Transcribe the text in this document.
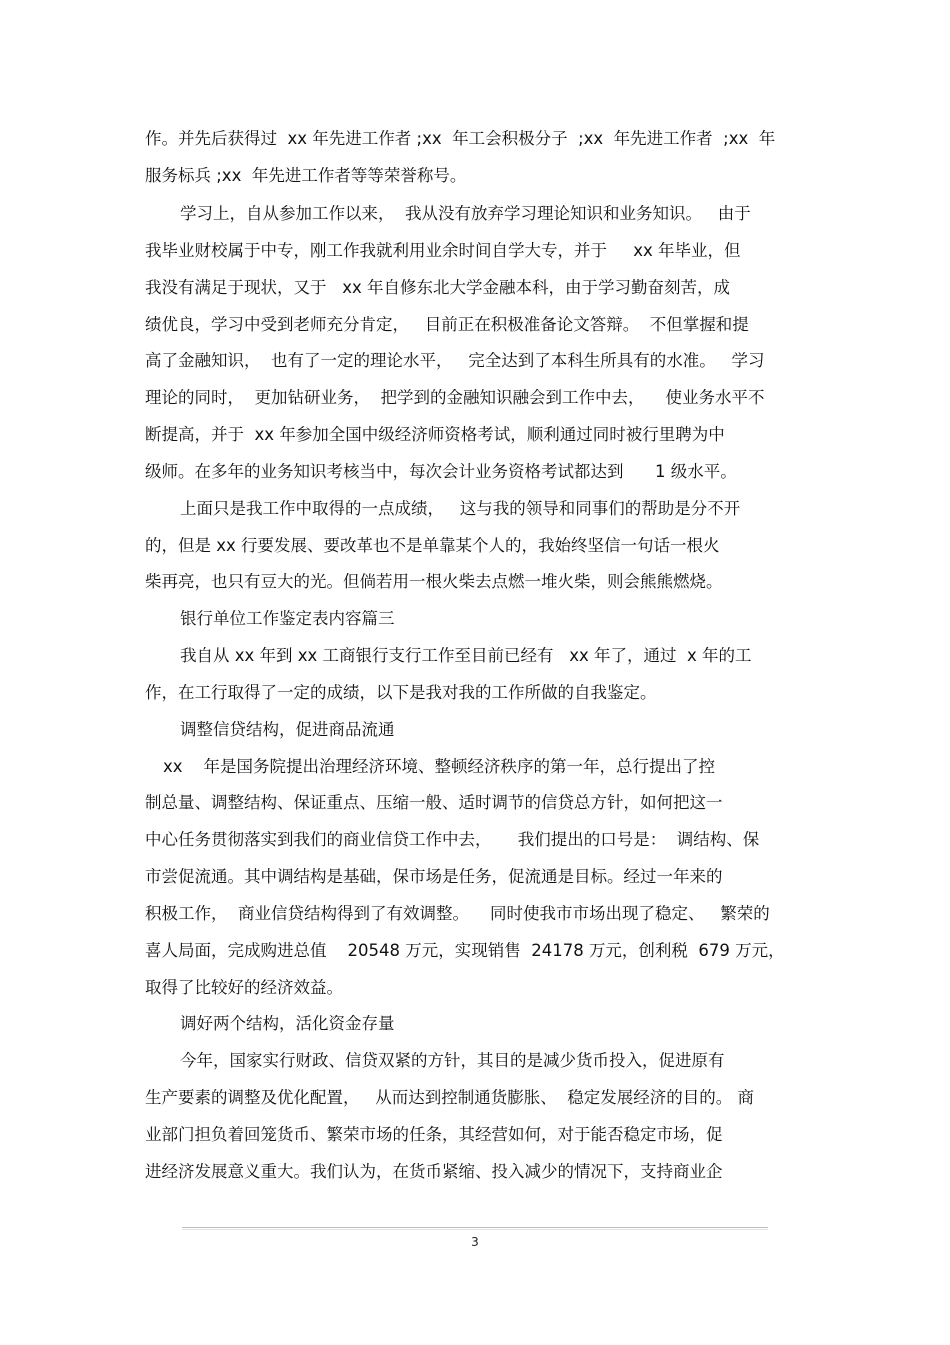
作。并先后获得过  xx 年先进工作者 ;xx  年工会积极分子  ;xx  年先进工作者  ;xx  年

服务标兵 ;xx  年先进工作者等等荣誉称号。

学习上，自从参加工作以来，  我从没有放弃学习理论知识和业务知识。   由于

我毕业财校属于中专，刚工作我就利用业余时间自学大专，并于     xx 年毕业，但

我没有满足于现状，又于   xx 年自修东北大学金融本科，由于学习勤奋刻苦，成

绩优良，学习中受到老师充分肯定，   目前正在积极准备论文答辩。  不但掌握和提

高了金融知识，  也有了一定的理论水平，   完全达到了本科生所具有的水准。   学习

理论的同时，  更加钻研业务，  把学到的金融知识融会到工作中去，    使业务水平不

断提高，并于  xx 年参加全国中级经济师资格考试，顺利通过同时被行里聘为中

级师。在多年的业务知识考核当中，每次会计业务资格考试都达到      1 级水平。

上面只是我工作中取得的一点成绩，   这与我的领导和同事们的帮助是分不开

的，但是 xx 行要发展、要改革也不是单靠某个人的，我始终坚信一句话一根火

柴再亮，也只有豆大的光。但倘若用一根火柴去点燃一堆火柴，则会熊熊燃烧。

银行单位工作鉴定表内容篇三

我自从 xx 年到 xx 工商银行支行工作至目前已经有   xx 年了，通过  x 年的工

作，在工行取得了一定的成绩，以下是我对我的工作所做的自我鉴定。

调整信贷结构，促进商品流通

xx    年是国务院提出治理经济环境、整顿经济秩序的第一年，总行提出了控

制总量、调整结构、保证重点、压缩一般、适时调节的信贷总方针，如何把这一

中心任务贯彻落实到我们的商业信贷工作中去，     我们提出的口号是：  调结构、保

市尝促流通。其中调结构是基础，保市场是任务，促流通是目标。经过一年来的

积极工作，  商业信贷结构得到了有效调整。    同时使我市市场出现了稳定、   繁荣的

喜人局面，完成购进总值    20548 万元，实现销售  24178 万元，创利税  679 万元，

取得了比较好的经济效益。

调好两个结构，活化资金存量

今年，国家实行财政、信贷双紧的方针，其目的是减少货币投入，促进原有

生产要素的调整及优化配置，   从而达到控制通货膨胀、  稳定发展经济的目的。 商

业部门担负着回笼货币、繁荣市场的任条，其经营如何，对于能否稳定市场，促

进经济发展意义重大。我们认为，在货币紧缩、投入减少的情况下，支持商业企

3
